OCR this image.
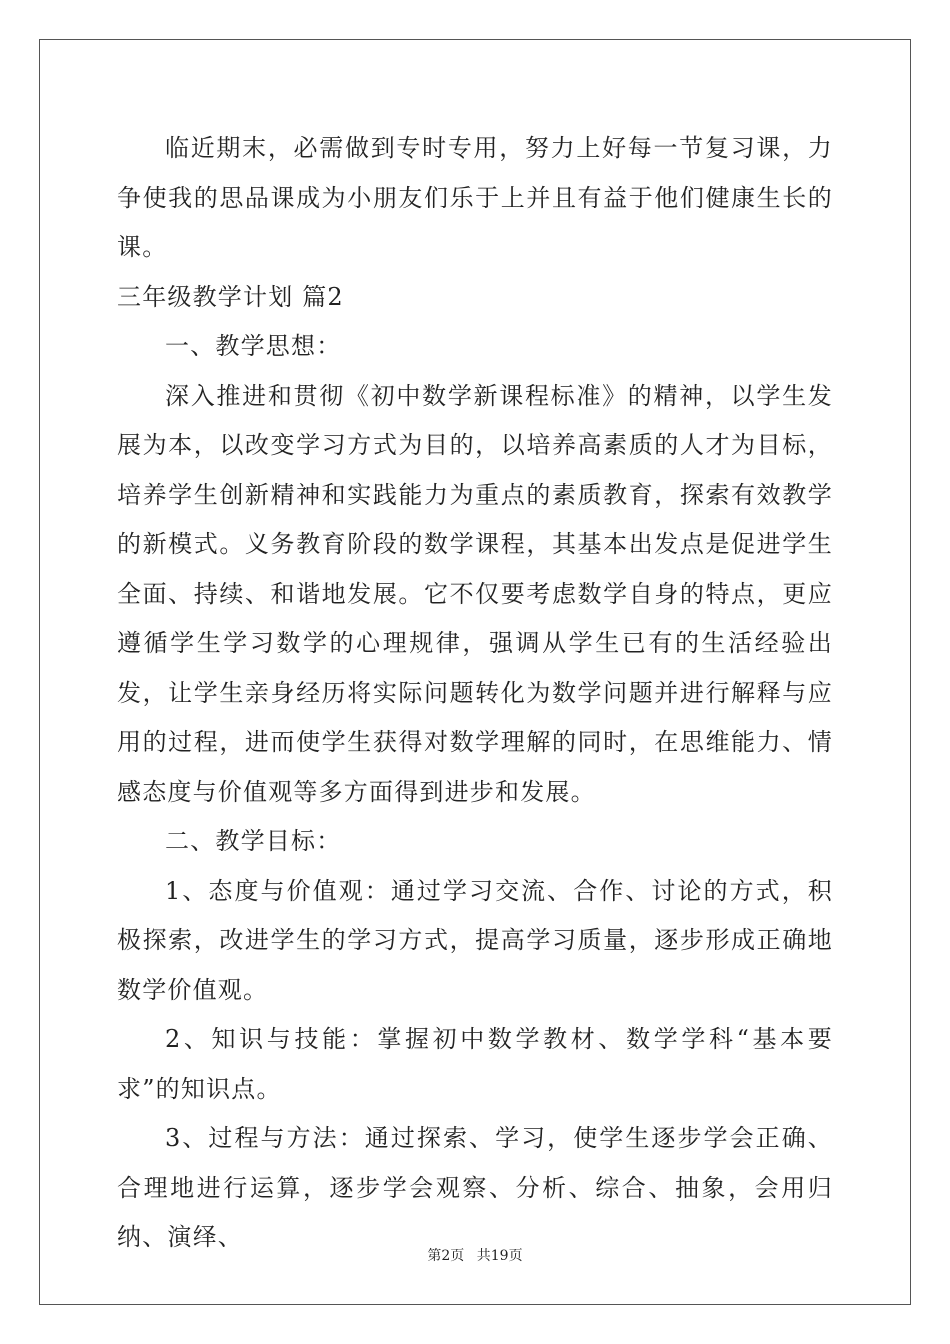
临近期末，必需做到专时专用，努力上好每一节复习课，力争使我的思品课成为小朋友们乐于上并且有益于他们健康生长的课。

三年级教学计划 篇2

一、教学思想：

深入推进和贯彻《初中数学新课程标准》的精神，以学生发展为本，以改变学习方式为目的，以培养高素质的人才为目标，培养学生创新精神和实践能力为重点的素质教育，探索有效教学的新模式。义务教育阶段的数学课程，其基本出发点是促进学生全面、持续、和谐地发展。它不仅要考虑数学自身的特点，更应遵循学生学习数学的心理规律，强调从学生已有的生活经验出发，让学生亲身经历将实际问题转化为数学问题并进行解释与应用的过程，进而使学生获得对数学理解的同时，在思维能力、情感态度与价值观等多方面得到进步和发展。

二、教学目标：

1、态度与价值观：通过学习交流、合作、讨论的方式，积极探索，改进学生的学习方式，提高学习质量，逐步形成正确地数学价值观。

2、知识与技能：掌握初中数学教材、数学学科“基本要求”的知识点。

3、过程与方法：通过探索、学习，使学生逐步学会正确、合理地进行运算，逐步学会观察、分析、综合、抽象，会用归纳、演绎、

第2页 共19页
